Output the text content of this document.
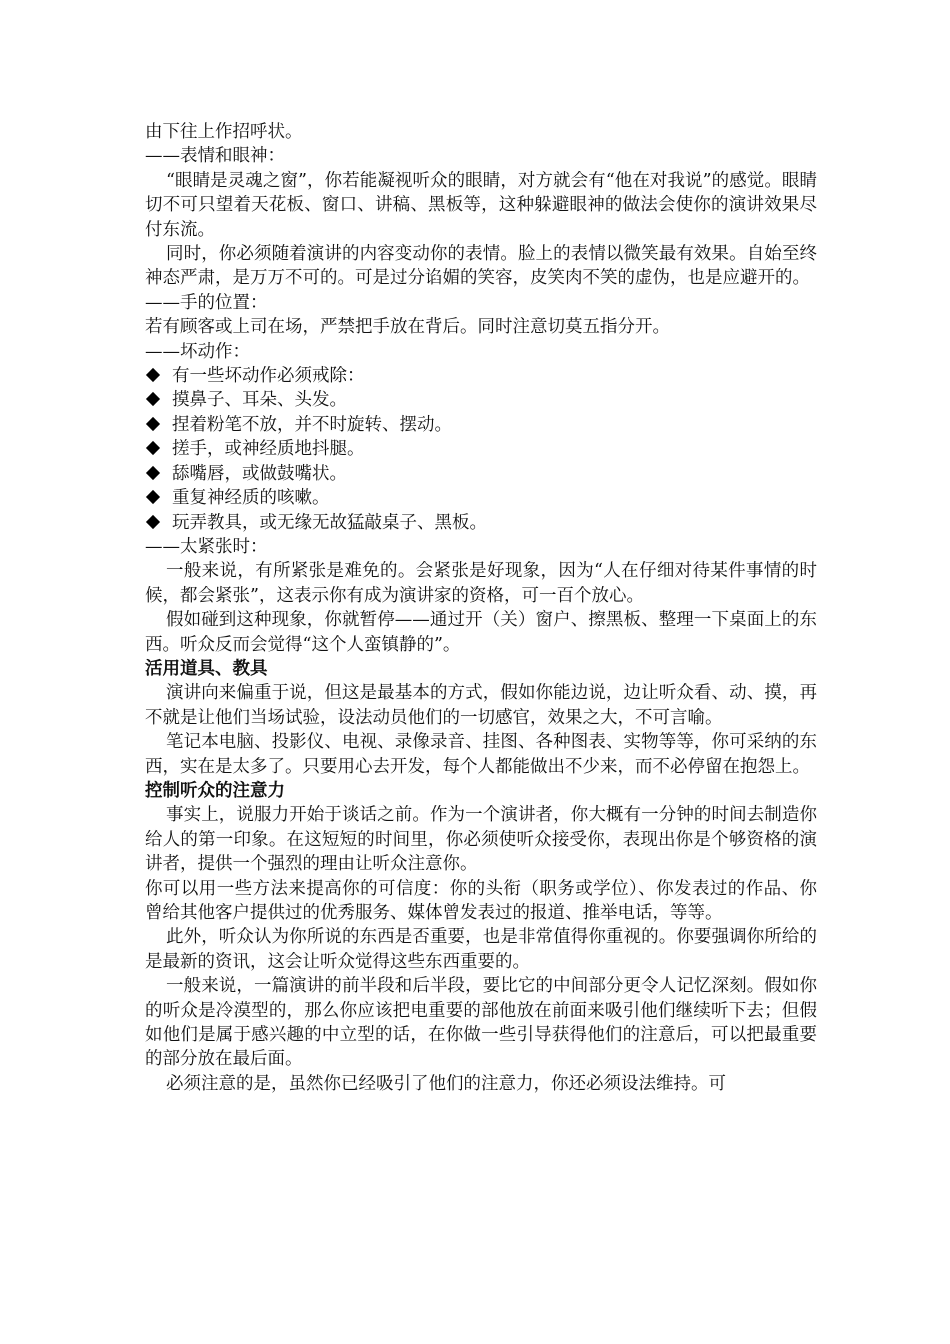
由下往上作招呼状。

——表情和眼神：

“眼睛是灵魂之窗”，你若能凝视听众的眼睛，对方就会有“他在对我说”的感觉。眼睛切不可只望着天花板、窗口、讲稿、黑板等，这种躲避眼神的做法会使你的演讲效果尽付东流。

同时，你必须随着演讲的内容变动你的表情。脸上的表情以微笑最有效果。自始至终神态严肃，是万万不可的。可是过分谄媚的笑容，皮笑肉不笑的虚伪，也是应避开的。

——手的位置：

若有顾客或上司在场，严禁把手放在背后。同时注意切莫五指分开。

——坏动作：

有一些坏动作必须戒除：
摸鼻子、耳朵、头发。
捏着粉笔不放，并不时旋转、摆动。
搓手，或神经质地抖腿。
舔嘴唇，或做鼓嘴状。
重复神经质的咳嗽。
玩弄教具，或无缘无故猛敲桌子、黑板。

——太紧张时：

一般来说，有所紧张是难免的。会紧张是好现象，因为“人在仔细对待某件事情的时候，都会紧张”，这表示你有成为演讲家的资格，可一百个放心。

假如碰到这种现象，你就暂停——通过开（关）窗户、擦黑板、整理一下桌面上的东西。听众反而会觉得“这个人蛮镇静的”。

活用道具、教具

演讲向来偏重于说，但这是最基本的方式，假如你能边说，边让听众看、动、摸，再不就是让他们当场试验，设法动员他们的一切感官，效果之大，不可言喻。

笔记本电脑、投影仪、电视、录像录音、挂图、各种图表、实物等等，你可采纳的东西，实在是太多了。只要用心去开发，每个人都能做出不少来，而不必停留在抱怨上。

控制听众的注意力

事实上，说服力开始于谈话之前。作为一个演讲者，你大概有一分钟的时间去制造你给人的第一印象。在这短短的时间里，你必须使听众接受你，表现出你是个够资格的演讲者，提供一个强烈的理由让听众注意你。

你可以用一些方法来提高你的可信度：你的头衔（职务或学位）、你发表过的作品、你曾给其他客户提供过的优秀服务、媒体曾发表过的报道、推举电话，等等。

此外，听众认为你所说的东西是否重要，也是非常值得你重视的。你要强调你所给的是最新的资讯，这会让听众觉得这些东西重要的。

一般来说，一篇演讲的前半段和后半段，要比它的中间部分更令人记忆深刻。假如你的听众是冷漠型的，那么你应该把电重要的部他放在前面来吸引他们继续听下去；但假如他们是属于感兴趣的中立型的话，在你做一些引导获得他们的注意后，可以把最重要的部分放在最后面。

必须注意的是，虽然你已经吸引了他们的注意力，你还必须设法维持。可
